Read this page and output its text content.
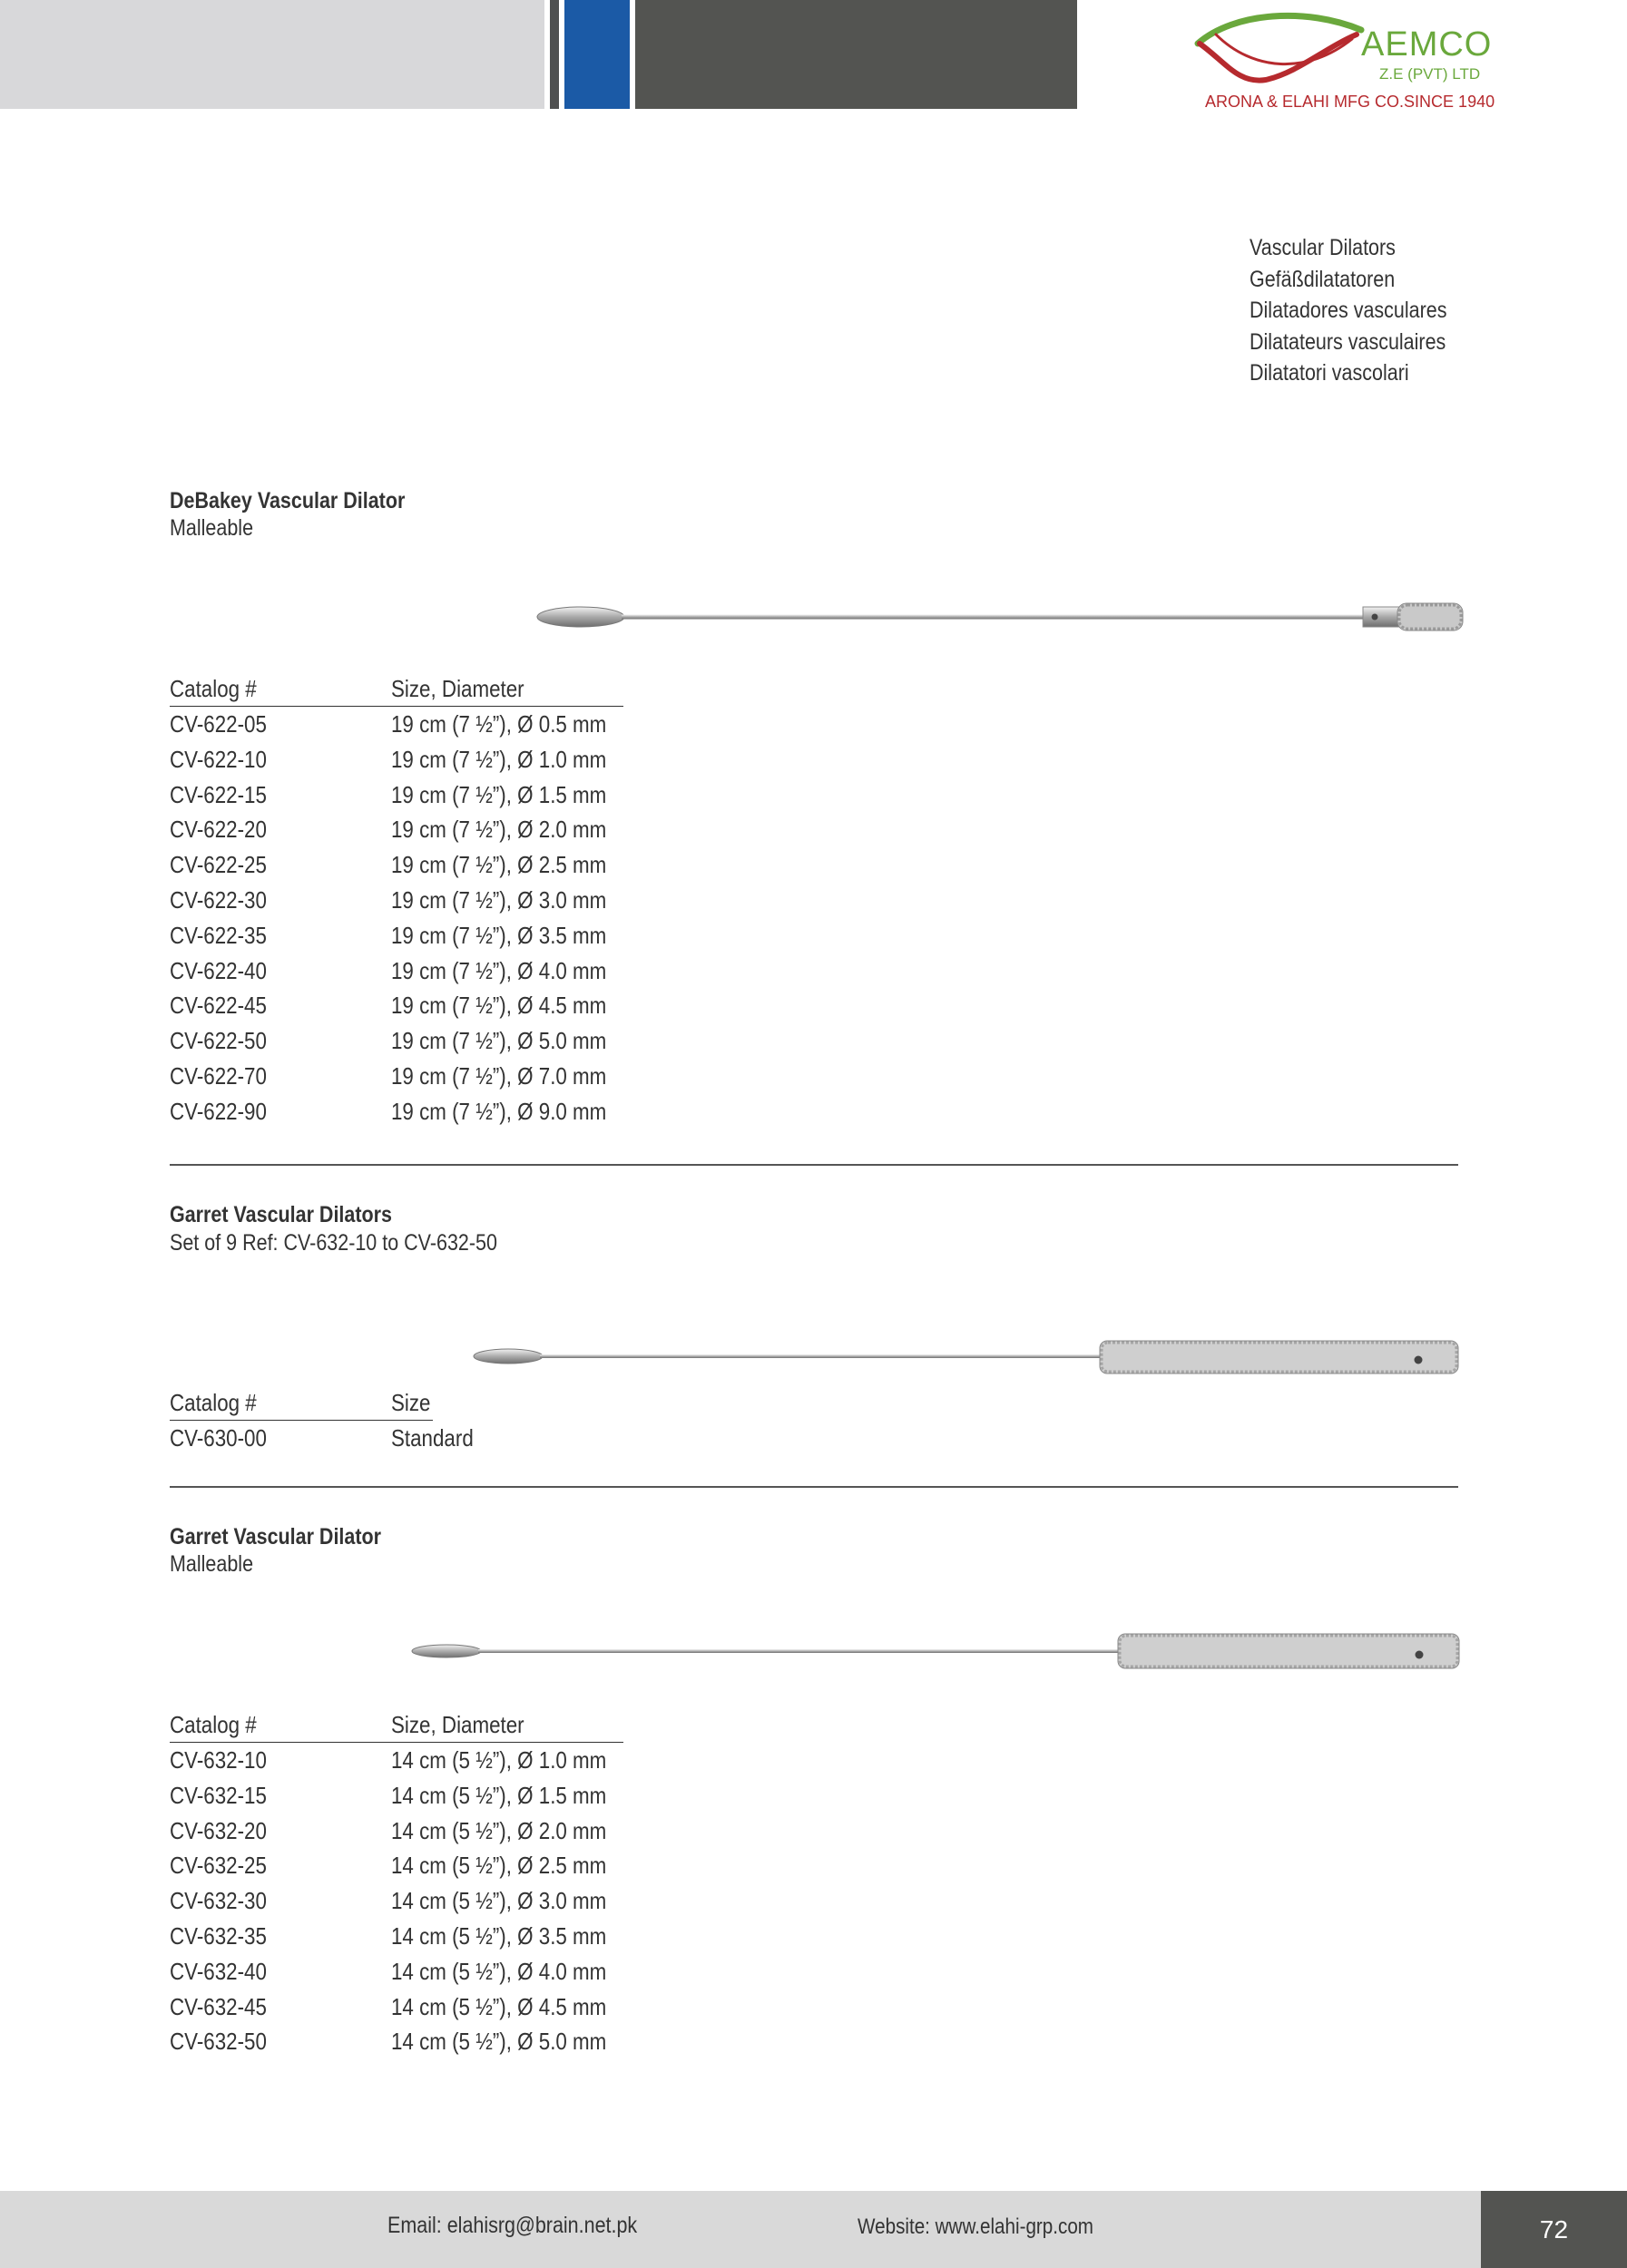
AEMCO
Z.E (PVT) LTD
ARONA & ELAHI MFG CO.SINCE 1940
Vascular Dilators
Gefäßdilatatoren
Dilatadores vasculares
Dilatateurs vasculaires
Dilatatori vascolari
DeBakey Vascular Dilator
Malleable
Catalog #	Size, Diameter
CV-622-05	19 cm (7 ½”), Ø 0.5 mm
CV-622-10	19 cm (7 ½”), Ø 1.0 mm
CV-622-15	19 cm (7 ½”), Ø 1.5 mm
CV-622-20	19 cm (7 ½”), Ø 2.0 mm
CV-622-25	19 cm (7 ½”), Ø 2.5 mm
CV-622-30	19 cm (7 ½”), Ø 3.0 mm
CV-622-35	19 cm (7 ½”), Ø 3.5 mm
CV-622-40	19 cm (7 ½”), Ø 4.0 mm
CV-622-45	19 cm (7 ½”), Ø 4.5 mm
CV-622-50	19 cm (7 ½”), Ø 5.0 mm
CV-622-70	19 cm (7 ½”), Ø 7.0 mm
CV-622-90	19 cm (7 ½”), Ø 9.0 mm
Garret Vascular Dilators
Set of 9 Ref: CV-632-10 to CV-632-50
Catalog #	Size
CV-630-00	Standard
Garret Vascular Dilator
Malleable
Catalog #	Size, Diameter
CV-632-10	14 cm (5 ½”), Ø 1.0 mm
CV-632-15	14 cm (5 ½”), Ø 1.5 mm
CV-632-20	14 cm (5 ½”), Ø 2.0 mm
CV-632-25	14 cm (5 ½”), Ø 2.5 mm
CV-632-30	14 cm (5 ½”), Ø 3.0 mm
CV-632-35	14 cm (5 ½”), Ø 3.5 mm
CV-632-40	14 cm (5 ½”), Ø 4.0 mm
CV-632-45	14 cm (5 ½”), Ø 4.5 mm
CV-632-50	14 cm (5 ½”), Ø 5.0 mm
Email: elahisrg@brain.net.pk	Website: www.elahi-grp.com	72
